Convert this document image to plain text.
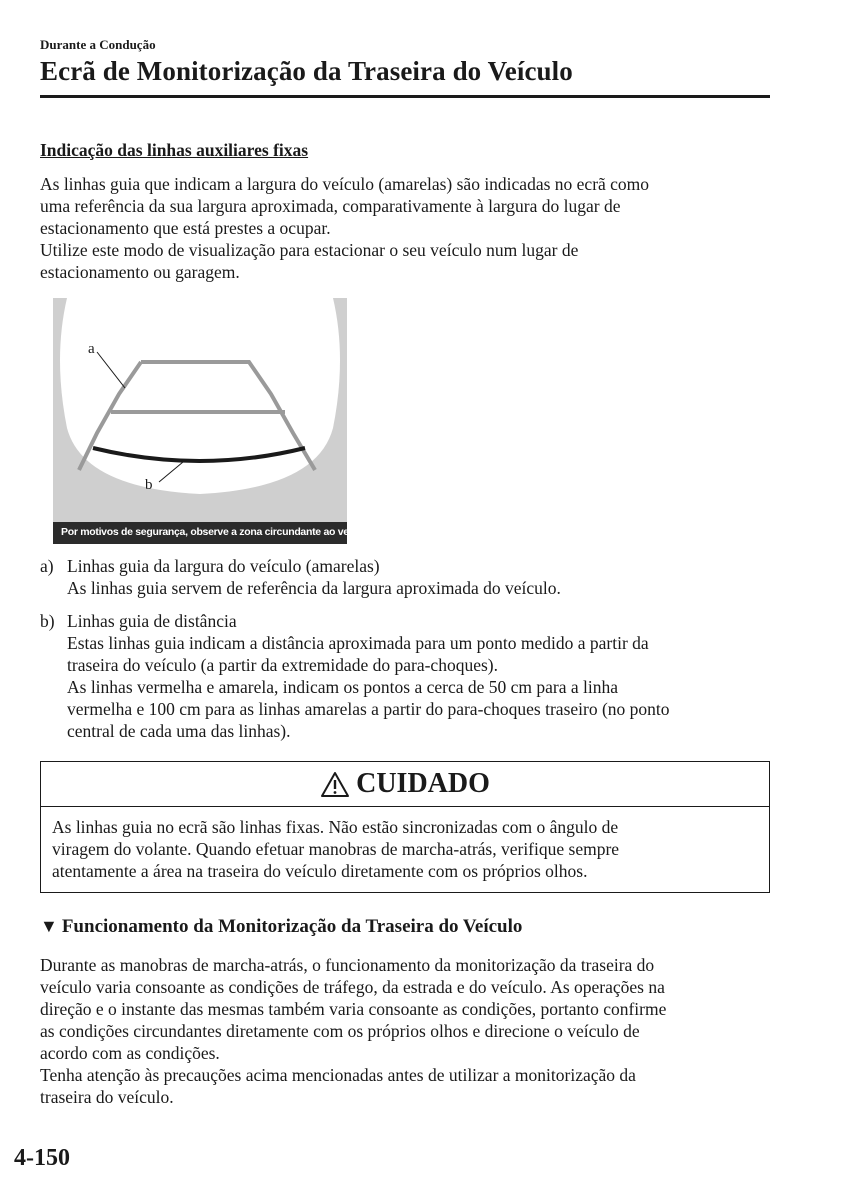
Durante a Condução
Ecrã de Monitorização da Traseira do Veículo
Indicação das linhas auxiliares fixas
As linhas guia que indicam a largura do veículo (amarelas) são indicadas no ecrã como
uma referência da sua largura aproximada, comparativamente à largura do lugar de
estacionamento que está prestes a ocupar.
Utilize este modo de visualização para estacionar o seu veículo num lugar de
estacionamento ou garagem.
a
b
Por motivos de segurança, observe a zona circundante ao veículo
a) Linhas guia da largura do veículo (amarelas)
As linhas guia servem de referência da largura aproximada do veículo.
b) Linhas guia de distância
Estas linhas guia indicam a distância aproximada para um ponto medido a partir da
traseira do veículo (a partir da extremidade do para-choques).
As linhas vermelha e amarela, indicam os pontos a cerca de 50 cm para a linha
vermelha e 100 cm para as linhas amarelas a partir do para-choques traseiro (no ponto
central de cada uma das linhas).
CUIDADO
As linhas guia no ecrã são linhas fixas. Não estão sincronizadas com o ângulo de
viragem do volante. Quando efetuar manobras de marcha-atrás, verifique sempre
atentamente a área na traseira do veículo diretamente com os próprios olhos.
▼ Funcionamento da Monitorização da Traseira do Veículo
Durante as manobras de marcha-atrás, o funcionamento da monitorização da traseira do
veículo varia consoante as condições de tráfego, da estrada e do veículo. As operações na
direção e o instante das mesmas também varia consoante as condições, portanto confirme
as condições circundantes diretamente com os próprios olhos e direcione o veículo de
acordo com as condições.
Tenha atenção às precauções acima mencionadas antes de utilizar a monitorização da
traseira do veículo.
4-150
